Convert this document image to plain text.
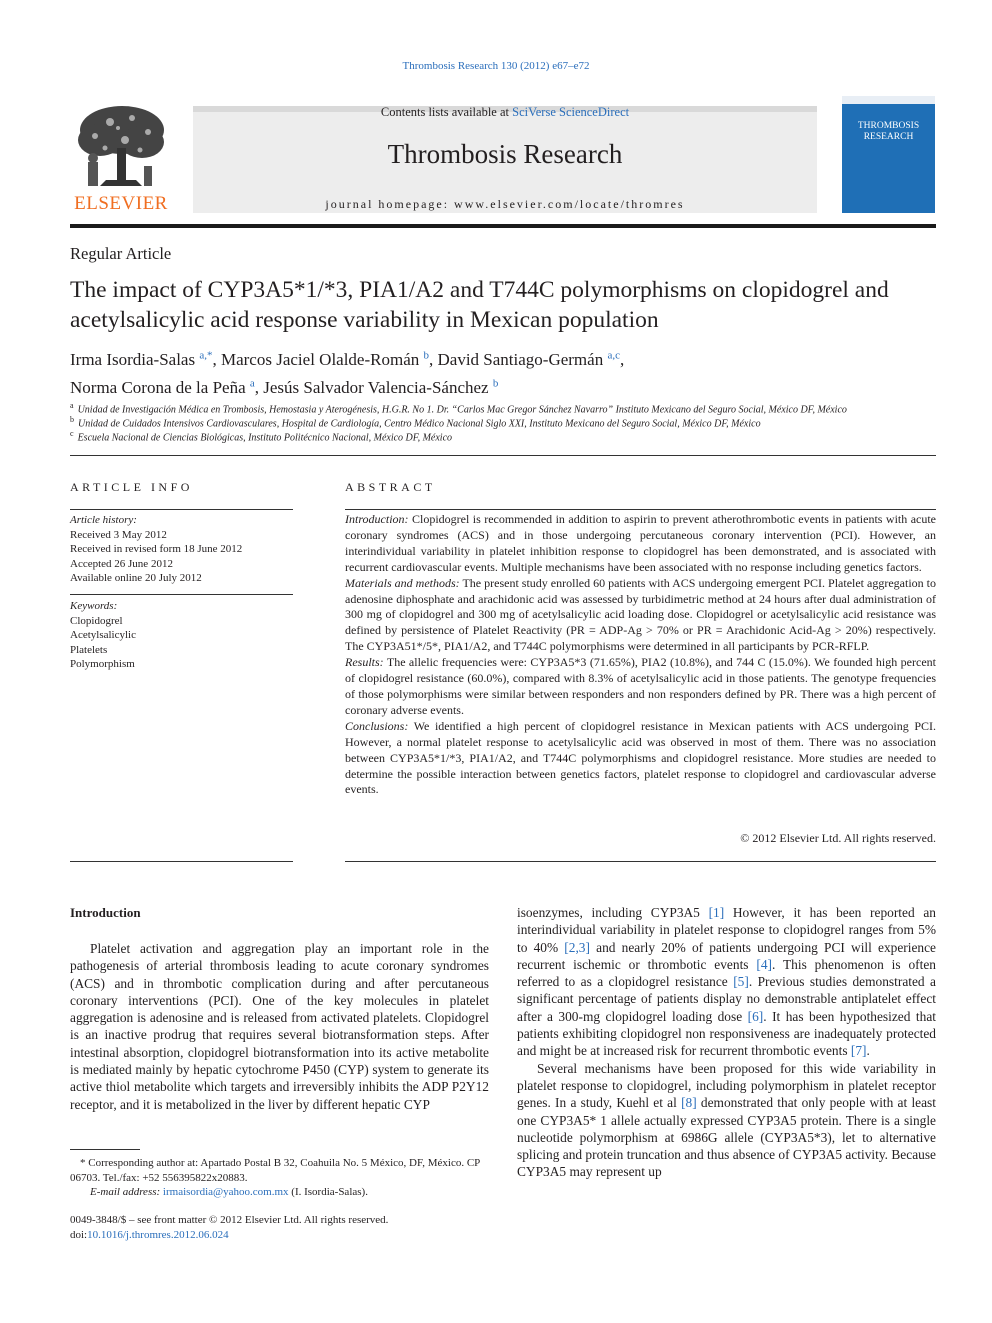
Thrombosis Research 130 (2012) e67–e72
ELSEVIER
Contents lists available at SciVerse ScienceDirect
Thrombosis Research
journal homepage: www.elsevier.com/locate/thromres
THROMBOSIS
RESEARCH
Regular Article
The impact of CYP3A5*1/*3, PIA1/A2 and T744C polymorphisms on clopidogrel and acetylsalicylic acid response variability in Mexican population
Irma Isordia-Salas $^{a,*}$, Marcos Jaciel Olalde-Román $^b$, David Santiago-Germán $^{a,c}$,
Norma Corona de la Peña $^a$, Jesús Salvador Valencia-Sánchez $^b$
$^a$ Unidad de Investigación Médica en Trombosis, Hemostasia y Aterogénesis, H.G.R. No 1. Dr. “Carlos Mac Gregor Sánchez Navarro” Instituto Mexicano del Seguro Social, México DF, México
$^b$ Unidad de Cuidados Intensivos Cardiovasculares, Hospital de Cardiología, Centro Médico Nacional Siglo XXI, Instituto Mexicano del Seguro Social, México DF, México
$^c$ Escuela Nacional de Ciencias Biológicas, Instituto Politécnico Nacional, México DF, México
ARTICLE INFO
Article history:
Received 3 May 2012
Received in revised form 18 June 2012
Accepted 26 June 2012
Available online 20 July 2012
Keywords:
Clopidogrel
Acetylsalicylic
Platelets
Polymorphism
ABSTRACT

Introduction: Clopidogrel is recommended in addition to aspirin to prevent atherothrombotic events in patients with acute coronary syndromes (ACS) and in those undergoing percutaneous coronary intervention (PCI). However, an interindividual variability in platelet inhibition response to clopidogrel has been demonstrated, and is associated with recurrent cardiovascular events. Multiple mechanisms have been associated with no response including genetics factors.

Materials and methods: The present study enrolled 60 patients with ACS undergoing emergent PCI. Platelet aggregation to adenosine diphosphate and arachidonic acid was assessed by turbidimetric method at 24 hours after dual administration of 300 mg of clopidogrel and 300 mg of acetylsalicylic acid loading dose. Clopidogrel or acetylsalicylic acid resistance was defined by persistence of Platelet Reactivity (PR = ADP-Ag > 70% or PR = Arachidonic Acid-Ag > 20%) respectively. The CYP3A51*/5*, PIA1/A2, and T744C polymorphisms were determined in all participants by PCR-RFLP.

Results: The allelic frequencies were: CYP3A5*3 (71.65%), PIA2 (10.8%), and 744 C (15.0%). We founded high percent of clopidogrel resistance (60.0%), compared with 8.3% of acetylsalicylic acid in those patients. The genotype frequencies of those polymorphisms were similar between responders and non responders defined by PR. There was a high percent of coronary adverse events.

Conclusions: We identified a high percent of clopidogrel resistance in Mexican patients with ACS undergoing PCI. However, a normal platelet response to acetylsalicylic acid was observed in most of them. There was no association between CYP3A5*1/*3, PIA1/A2, and T744C polymorphisms and clopidogrel resistance. More studies are needed to determine the possible interaction between genetics factors, platelet response to clopidogrel and cardiovascular adverse events.

© 2012 Elsevier Ltd. All rights reserved.
Introduction

Platelet activation and aggregation play an important role in the pathogenesis of arterial thrombosis leading to acute coronary syndromes (ACS) and in thrombotic complication during and after percutaneous coronary interventions (PCI). One of the key molecules in platelet aggregation is adenosine and is released from activated platelets. Clopidogrel is an inactive prodrug that requires several biotransformation steps. After intestinal absorption, clopidogrel biotransformation into its active metabolite is mediated mainly by hepatic cytochrome P450 (CYP) system to generate its active thiol metabolite which targets and irreversibly inhibits the ADP P2Y12 receptor, and it is metabolized in the liver by different hepatic CYP

isoenzymes, including CYP3A5 [1] However, it has been reported an interindividual variability in platelet response to clopidogrel ranges from 5% to 40% [2,3] and nearly 20% of patients undergoing PCI will experience recurrent ischemic or thrombotic events [4]. This phenomenon is often referred to as a clopidogrel resistance [5]. Previous studies demonstrated a significant percentage of patients display no demonstrable antiplatelet effect after a 300-mg clopidogrel loading dose [6]. It has been hypothesized that patients exhibiting clopidogrel non responsiveness are inadequately protected and might be at increased risk for recurrent thrombotic events [7].

Several mechanisms have been proposed for this wide variability in platelet response to clopidogrel, including polymorphism in platelet receptor genes. In a study, Kuehl et al [8] demonstrated that only people with at least one CYP3A5* 1 allele actually expressed CYP3A5 protein. There is a single nucleotide polymorphism at 6986G allele (CYP3A5*3), let to alternative splicing and protein truncation and thus absence of CYP3A5 activity. Because CYP3A5 may represent up

* Corresponding author at: Apartado Postal B 32, Coahuila No. 5 México, DF, México. CP 06703. Tel./fax: +52 556395822x20883.

E-mail address: irmaisordia@yahoo.com.mx (I. Isordia-Salas).

0049-3848/$ – see front matter © 2012 Elsevier Ltd. All rights reserved.
doi:10.1016/j.thromres.2012.06.024
